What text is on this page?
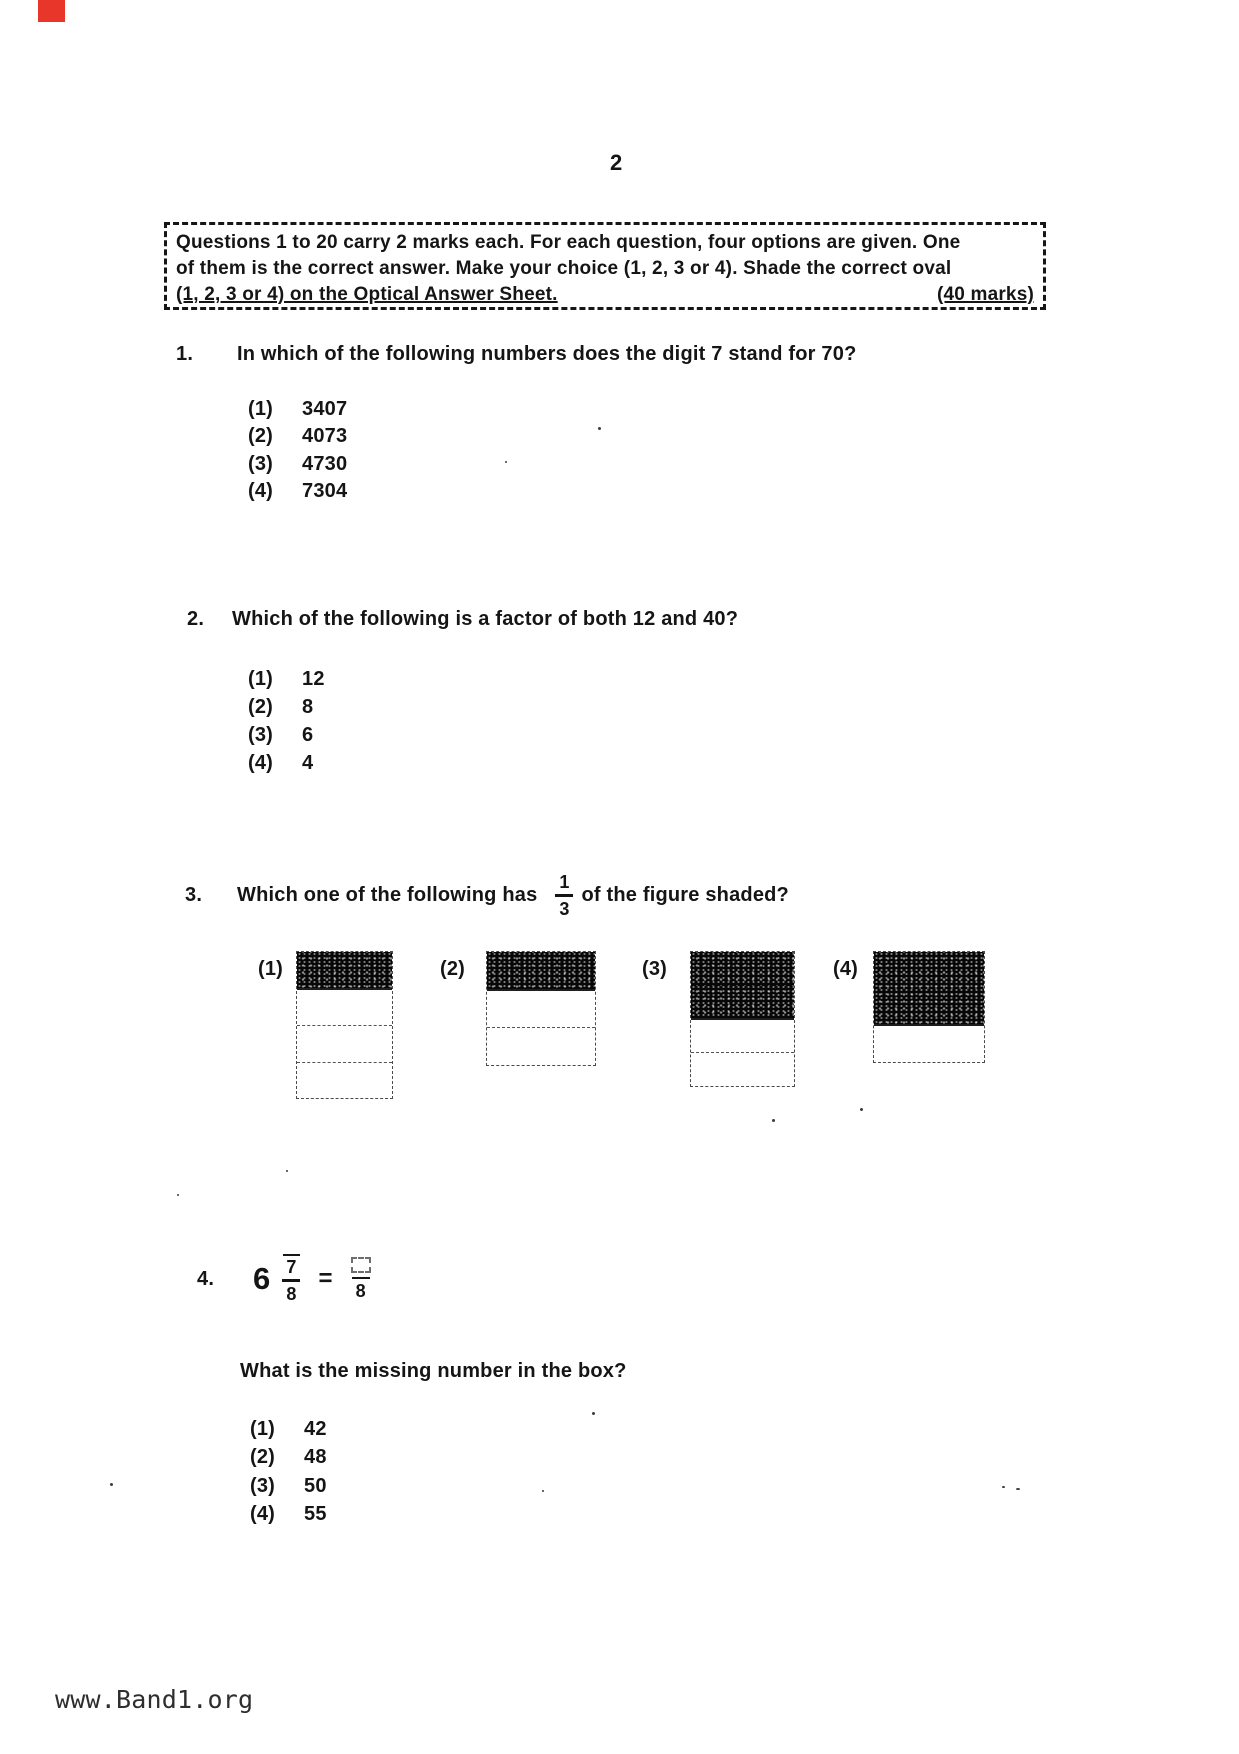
2
Questions 1 to 20 carry 2 marks each. For each question, four options are given. One
of them is the correct answer. Make your choice (1, 2, 3 or 4). Shade the correct oval
(1, 2, 3 or 4) on the Optical Answer Sheet.	(40 marks)
1. In which of the following numbers does the digit 7 stand for 70?
(1) 3407
(2) 4073
(3) 4730
(4) 7304
2. Which of the following is a factor of both 12 and 40?
(1) 12
(2) 8
(3) 6
(4) 4
3.	Which one of the following has
1
3
of the figure shaded?
(1)	(2)	(3)	(4)
4.	6 7
8
= 8
What is the missing number in the box?
(1) 42
(2) 48
(3) 50
(4) 55
www.Band1.org
